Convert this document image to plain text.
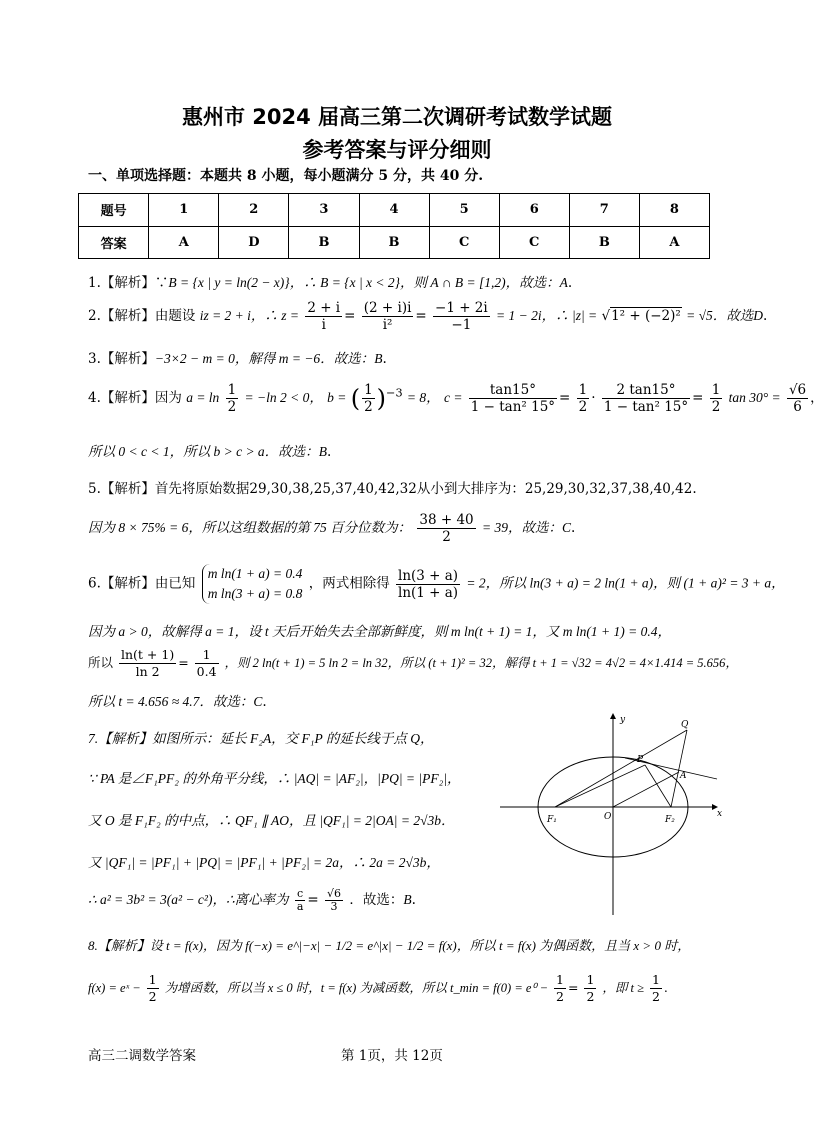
惠州市 2024 届高三第二次调研考试数学试题
参考答案与评分细则
一、单项选择题：本题共 8 小题，每小题满分 5 分，共 40 分.
题号	1	2	3	4	5	6	7	8
答案	A	D	B	B	C	C	B	A
1.【解析】∵B = {x | y = ln(2 − x)}，∴ B = {x | x < 2}，则 A ∩ B = [1,2)，故选：A.
2.【解析】由题设 iz = 2 + i，∴ $z = \frac{2 + i}{i} = \frac{(2 + i)i}{\text{i²}} = \frac{-1 + 2i}{-1} = 1 - 2i$，∴ |z| = √1² + (−2)² = √5．故选D.
3.【解析】−3×2 − m = 0，解得 m = −6．故选：B.
4.【解析】因为 $a = \ln \frac{1}{2} = -\ln$ 2 < 0， b = ( $\frac{1}{2} )^{-3} = 8$， $c = \frac{\tan 15^\circ}{\text{1 − tan² 15°}} = \frac{1}{2} \cdot \frac{2 \tan 15^\circ}{\text{1 − tan² 15°}} = \frac{1}{2}$ $\tan 30^\circ = \frac{√6}{6}$ ，
所以 0 < c < 1，所以 b > c > a．故选：B.
5.【解析】首先将原始数据29,30,38,25,37,40,42,32从小到大排序为：25,29,30,32,37,38,40,42.
因为 8 × 75% = 6，所以这组数据的第 75 百分位数为： $\frac{38 + 40}{2} = 39$，故选：C.
6.【解析】由已知 m ln(1 + a) = 0.4
m ln(3 + a) = 0.8 ，两式相除得 $\frac{\ln(3 + a)}{\ln(1 + a)} = 2$，所以 ln(3 + a) = 2 ln(1 + a)，则 (1 + a)² = 3 + a，
因为 a > 0，故解得 a = 1，设 t 天后开始失去全部新鲜度，则 m ln(t + 1) = 1，又 m ln(1 + 1) = 0.4，
所以 $\frac{\ln(t + 1)}{\ln 2} = \frac{1}{0.4}$ ，则 2 ln(t + 1) = 5 ln 2 = ln 32，所以 (t + 1)² = 32，解得 t + 1 = √32 = 4√2 = 4×1.414 = 5.656，
所以 t = 4.656 ≈ 4.7．故选：C.
7.【解析】如图所示：延长 F₂A，交 F₁P 的延长线于点 Q，
∵ PA 是∠F₁PF₂ 的外角平分线，∴ |AQ| = |AF₂|，|PQ| = |PF₂|，
又 O 是 F₁F₂ 的中点，∴ QF₁ ∥ AO，且 |QF₁| = 2|OA| = 2√3b．
又 |QF₁| = |PF₁| + |PQ| = |PF₁| + |PF₂| = 2a，∴ 2a = 2√3b，
∴ a² = 3b² = 3(a² − c²)，∴离心率为 $\frac{c}{a} = \frac{√6}{3}$ ．故选：B.
y
x
O
F₁	F₂
P
A
Q
8.【解析】设 t = f(x)，因为 f(−x) = e^|−x| − 1/2 = e^|x| − 1/2 = f(x)，所以 t = f(x) 为偶函数，且当 x > 0 时，
f(x) = eˣ − $\frac{1}{2}$ 为增函数，所以当 x ≤ 0 时，t = f(x) 为减函数，所以 t_min = $f(0) = e^0 - \frac{1}{2} = \frac{1}{2}$ ，即 $t \ge \frac{1}{2}$ .
高三二调数学答案	第 1页，共 12页
